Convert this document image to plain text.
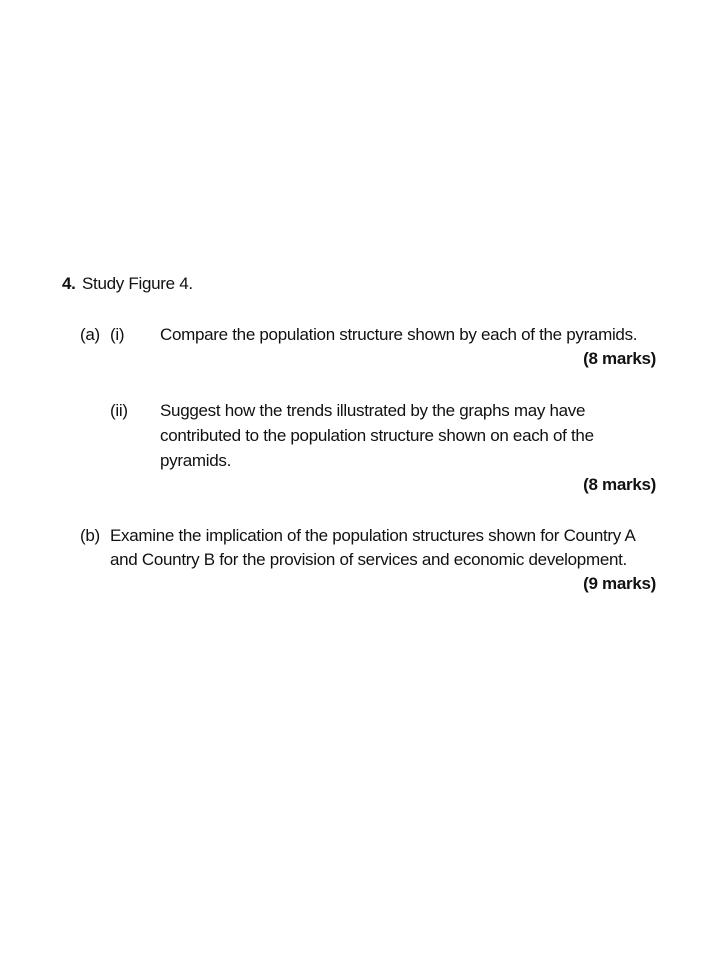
4. Study Figure 4.
(a) (i) Compare the population structure shown by each of the pyramids.
(8 marks)
(ii) Suggest how the trends illustrated by the graphs may have
contributed to the population structure shown on each of the
pyramids.
(8 marks)
(b) Examine the implication of the population structures shown for Country A
and Country B for the provision of services and economic development.
(9 marks)
